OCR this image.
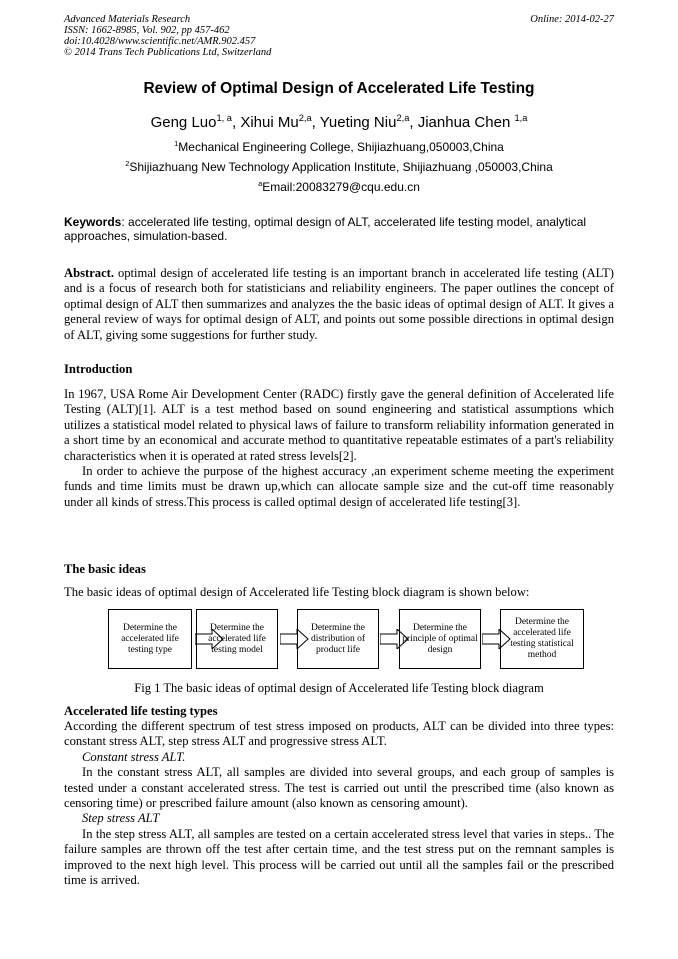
Advanced Materials Research
ISSN: 1662-8985, Vol. 902, pp 457-462
doi:10.4028/www.scientific.net/AMR.902.457
© 2014 Trans Tech Publications Ltd, Switzerland
Online: 2014-02-27
Review of Optimal Design of Accelerated Life Testing
Geng Luo$^{1, a}$, Xihui Mu$^{2,a}$, Yueting Niu$^{2,a}$, Jianhua Chen $^{1,a}$
$^1$Mechanical Engineering College, Shijiazhuang,050003,China
$^2$Shijiazhuang New Technology Application Institute, Shijiazhuang ,050003,China
$^a$Email:20083279@cqu.edu.cn
Keywords: accelerated life testing, optimal design of ALT, accelerated life testing model, analytical approaches, simulation-based.
Abstract. optimal design of accelerated life testing is an important branch in accelerated life testing (ALT) and is a focus of research both for statisticians and reliability engineers. The paper outlines the concept of optimal design of ALT then summarizes and analyzes the the basic ideas of optimal design of ALT. It gives a general review of ways for optimal design of ALT, and points out some possible directions in optimal design of ALT, giving some suggestions for further study.
Introduction
In 1967, USA Rome Air Development Center (RADC) firstly gave the general definition of Accelerated life Testing (ALT)[1]. ALT is a test method based on sound engineering and statistical assumptions which utilizes a statistical model related to physical laws of failure to transform reliability information generated in a short time by an economical and accurate method to quantitative repeatable estimates of a part's reliability characteristics when it is operated at rated stress levels[2].
In order to achieve the purpose of the highest accuracy ,an experiment scheme meeting the experiment funds and time limits must be drawn up,which can allocate sample size and the cut-off time reasonably under all kinds of stress.This process is called optimal design of accelerated life testing[3].
The basic ideas
The basic ideas of optimal design of Accelerated life Testing block diagram is shown below:
Determine the accelerated life testing type
Determine the accelerated life testing model
Determine the distribution of product life
Determine the principle of optimal design
Determine the accelerated life testing statistical method
Fig 1 The basic ideas of optimal design of Accelerated life Testing block diagram
Accelerated life testing types
According the different spectrum of test stress imposed on products, ALT can be divided into three types: constant stress ALT, step stress ALT and progressive stress ALT.
Constant stress ALT.
In the constant stress ALT, all samples are divided into several groups, and each group of samples is tested under a constant accelerated stress. The test is carried out until the prescribed time (also known as censoring time) or prescribed failure amount (also known as censoring amount).
Step stress ALT
In the step stress ALT, all samples are tested on a certain accelerated stress level that varies in steps.. The failure samples are thrown off the test after certain time, and the test stress put on the remnant samples is improved to the next high level. This process will be carried out until all the samples fail or the prescribed time is arrived.
